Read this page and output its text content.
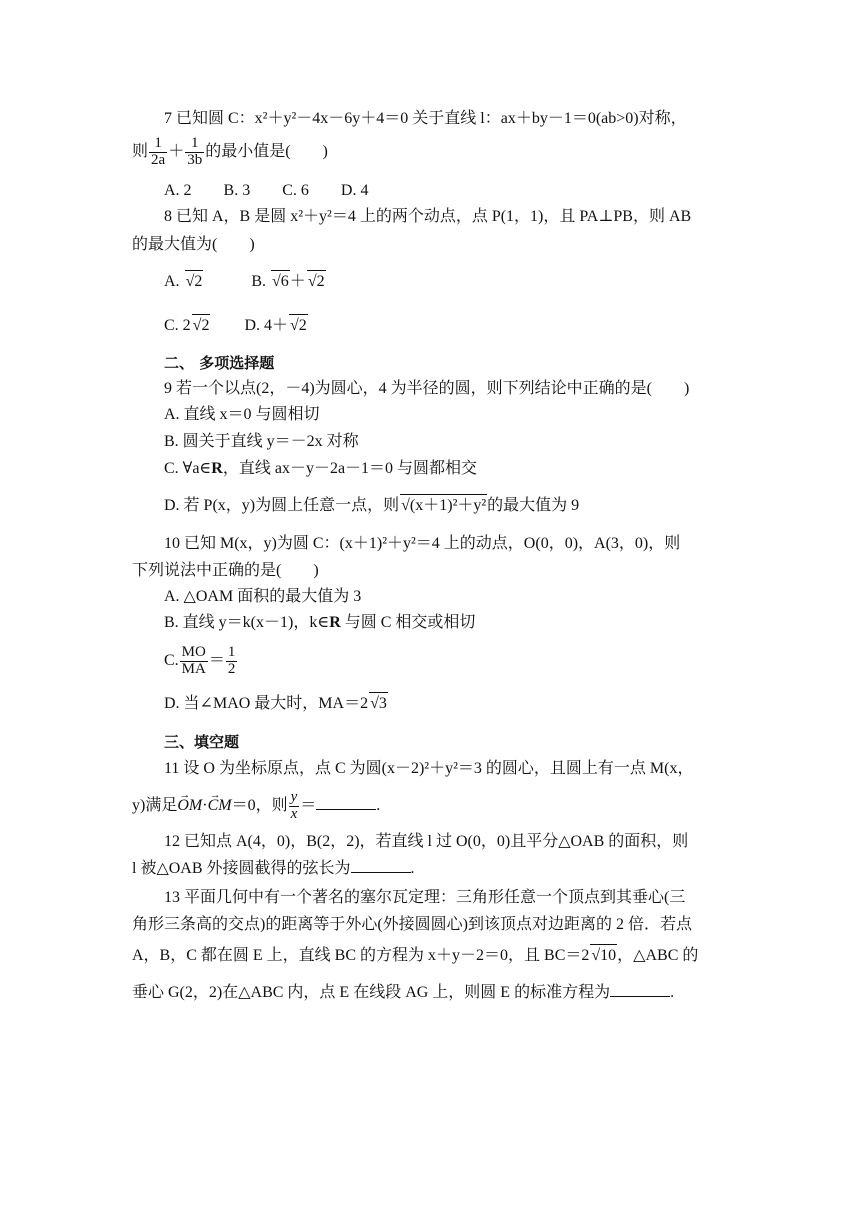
7 已知圆 C：x²＋y²－4x－6y＋4＝0 关于直线 l：ax＋by－1＝0(ab>0)对称，
则 $\frac{1}{2a} + \frac{1}{3b}$ 的最小值是(　　)
A. 2　　B. 3　　C. 6　　D. 4
8 已知 A，B 是圆 x²＋y²＝4 上的两个动点，点 P(1，1)，且 PA⊥PB，则 AB
的最大值为(　　)
A. √ 2	B. √ 6＋ √ 2
C. 2 √ 2 D. 4＋ √ 2
二、 多项选择题
9 若一个以点(2，－4)为圆心，4 为半径的圆，则下列结论中正确的是(　　)
A. 直线 x＝0 与圆相切
B. 圆关于直线 y＝－2x 对称
C. ∀a∈R，直线 ax－y－2a－1＝0 与圆都相交
D. 若 P(x，y)为圆上任意一点，则 √ (x＋1)²＋y²的最大值为 9
10 已知 M(x，y)为圆 C：(x＋1)²＋y²＝4 上的动点，O(0，0)，A(3，0)，则
下列说法中正确的是(　　)
A. △OAM 面积的最大值为 3
B. 直线 y＝k(x－1)，k∈R 与圆 C 相交或相切
C. $\frac{MO}{MA} = \frac{1}{2}$
D. 当∠MAO 最大时，MA＝2 √ 3
三、填空题
11 设 O 为坐标原点，点 C 为圆(x－2)²＋y²＝3 的圆心，且圆上有一点 M(x，
y)满足OM →·CM →＝0，则 $\frac{y}{x}$ ＝	.
12 已知点 A(4，0)，B(2，2)，若直线 l 过 O(0，0)且平分△OAB 的面积，则
l 被△OAB 外接圆截得的弦长为	.
13 平面几何中有一个著名的塞尔瓦定理：三角形任意一个顶点到其垂心(三
角形三条高的交点)的距离等于外心(外接圆圆心)到该顶点对边距离的 2 倍．若点
A，B，C 都在圆 E 上，直线 BC 的方程为 x＋y－2＝0，且 BC＝2 √ 10，△ABC 的
垂心 G(2，2)在△ABC 内，点 E 在线段 AG 上，则圆 E 的标准方程为	.
